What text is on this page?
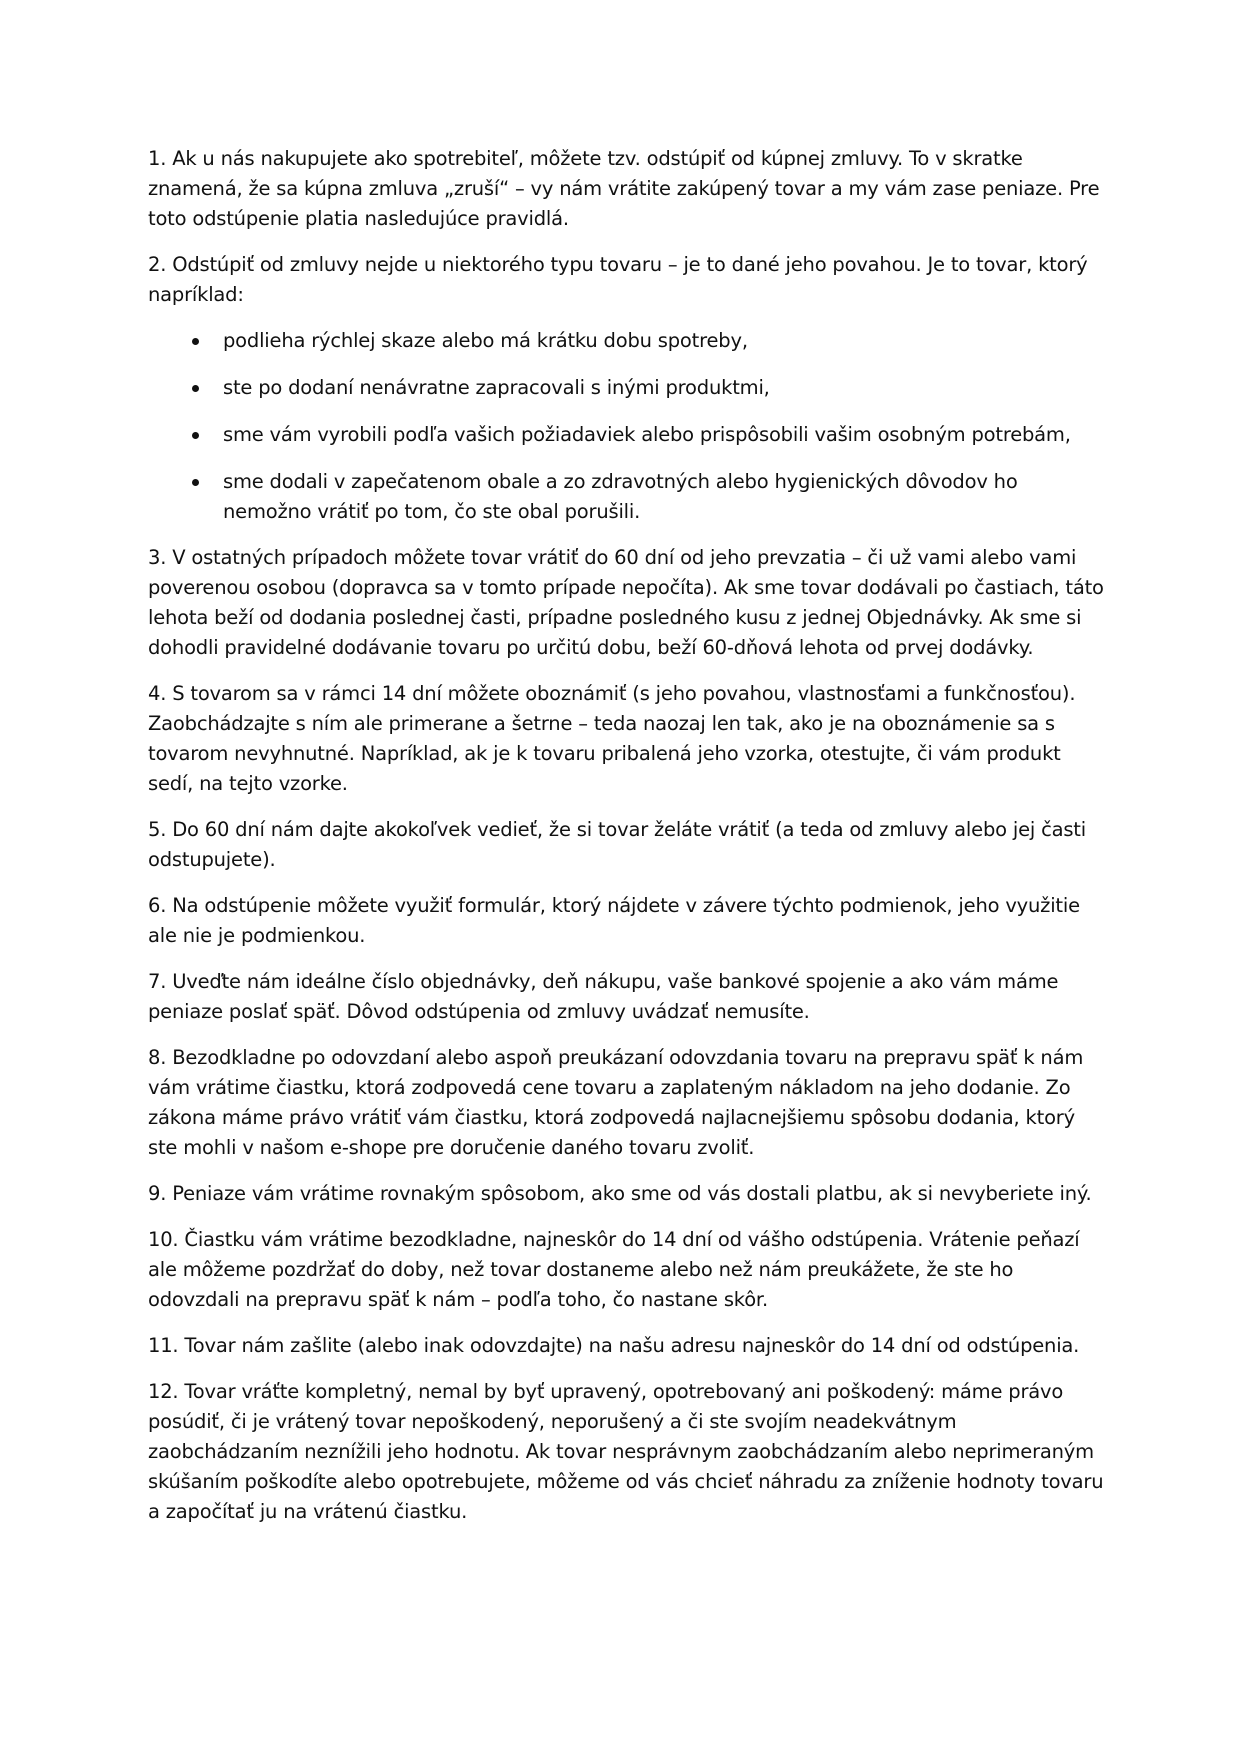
1. Ak u nás nakupujete ako spotrebiteľ, môžete tzv. odstúpiť od kúpnej zmluvy. To v skratke znamená, že sa kúpna zmluva „zruší“ – vy nám vrátite zakúpený tovar a my vám zase peniaze. Pre toto odstúpenie platia nasledujúce pravidlá.

2. Odstúpiť od zmluvy nejde u niektorého typu tovaru – je to dané jeho povahou. Je to tovar, ktorý napríklad:

podlieha rýchlej skaze alebo má krátku dobu spotreby,
ste po dodaní nenávratne zapracovali s inými produktmi,
sme vám vyrobili podľa vašich požiadaviek alebo prispôsobili vašim osobným potrebám,
sme dodali v zapečatenom obale a zo zdravotných alebo hygienických dôvodov ho nemožno vrátiť po tom, čo ste obal porušili.

3. V ostatných prípadoch môžete tovar vrátiť do 60 dní od jeho prevzatia – či už vami alebo vami poverenou osobou (dopravca sa v tomto prípade nepočíta). Ak sme tovar dodávali po častiach, táto lehota beží od dodania poslednej časti, prípadne posledného kusu z jednej Objednávky. Ak sme si dohodli pravidelné dodávanie tovaru po určitú dobu, beží 60-dňová lehota od prvej dodávky.

4. S tovarom sa v rámci 14 dní môžete oboznámiť (s jeho povahou, vlastnosťami a funkčnosťou). Zaobchádzajte s ním ale primerane a šetrne – teda naozaj len tak, ako je na oboznámenie sa s tovarom nevyhnutné. Napríklad, ak je k tovaru pribalená jeho vzorka, otestujte, či vám produkt sedí, na tejto vzorke.

5. Do 60 dní nám dajte akokoľvek vedieť, že si tovar želáte vrátiť (a teda od zmluvy alebo jej časti odstupujete).

6. Na odstúpenie môžete využiť formulár, ktorý nájdete v závere týchto podmienok, jeho využitie ale nie je podmienkou.

7. Uveďte nám ideálne číslo objednávky, deň nákupu, vaše bankové spojenie a ako vám máme peniaze poslať späť. Dôvod odstúpenia od zmluvy uvádzať nemusíte.

8. Bezodkladne po odovzdaní alebo aspoň preukázaní odovzdania tovaru na prepravu späť k nám vám vrátime čiastku, ktorá zodpovedá cene tovaru a zaplateným nákladom na jeho dodanie. Zo zákona máme právo vrátiť vám čiastku, ktorá zodpovedá najlacnejšiemu spôsobu dodania, ktorý ste mohli v našom e-shope pre doručenie daného tovaru zvoliť.

9. Peniaze vám vrátime rovnakým spôsobom, ako sme od vás dostali platbu, ak si nevyberiete iný.

10. Čiastku vám vrátime bezodkladne, najneskôr do 14 dní od vášho odstúpenia. Vrátenie peňazí ale môžeme pozdržať do doby, než tovar dostaneme alebo než nám preukážete, že ste ho odovzdali na prepravu späť k nám – podľa toho, čo nastane skôr.

11. Tovar nám zašlite (alebo inak odovzdajte) na našu adresu najneskôr do 14 dní od odstúpenia.

12. Tovar vráťte kompletný, nemal by byť upravený, opotrebovaný ani poškodený: máme právo posúdiť, či je vrátený tovar nepoškodený, neporušený a či ste svojím neadekvátnym zaobchádzaním neznížili jeho hodnotu. Ak tovar nesprávnym zaobchádzaním alebo neprimeraným skúšaním poškodíte alebo opotrebujete, môžeme od vás chcieť náhradu za zníženie hodnoty tovaru a započítať ju na vrátenú čiastku.
